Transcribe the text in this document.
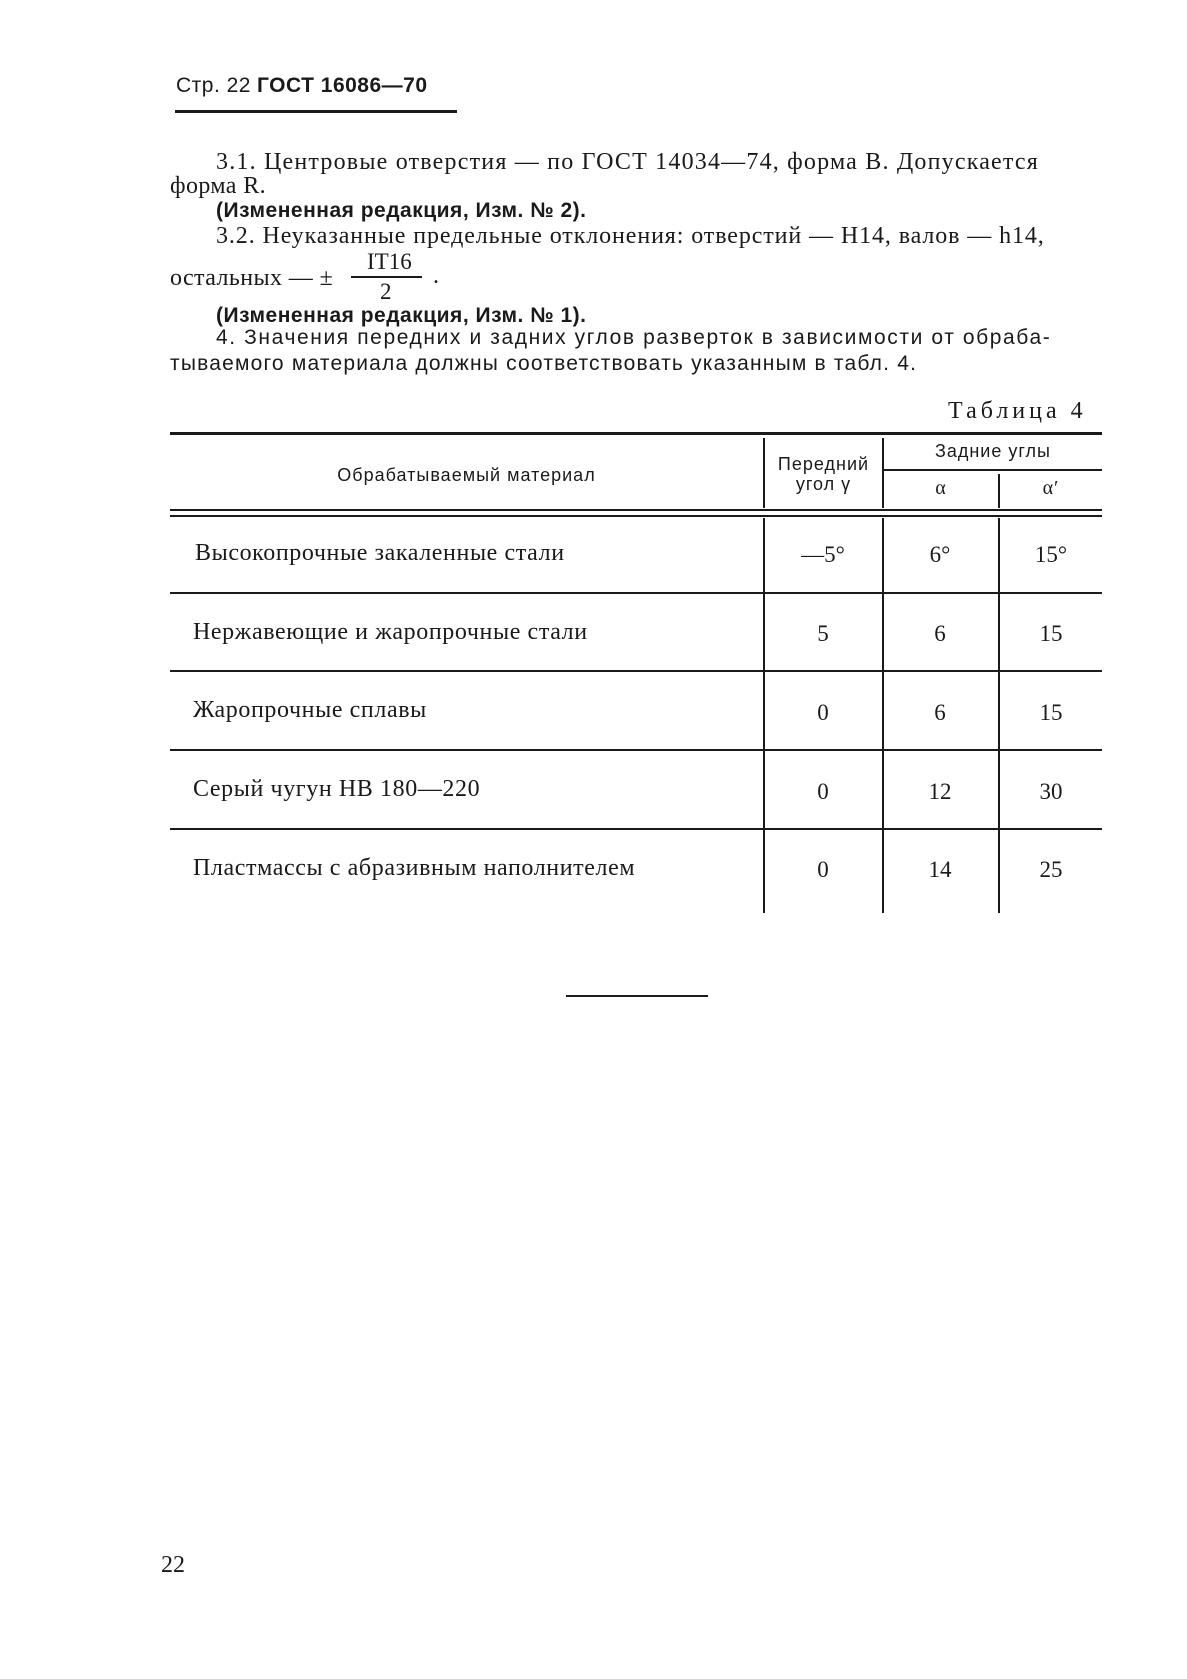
Стр. 22 ГОСТ 16086—70
3.1. Центровые отверстия — по ГОСТ 14034—74, форма В. Допускается
форма R.
(Измененная редакция, Изм. № 2).
3.2. Неуказанные предельные отклонения: отверстий — Н14, валов — h14,
остальных — ±
IT16
2
.
(Измененная редакция, Изм. № 1).
4. Значения передних и задних углов разверток в зависимости от обраба-
тываемого материала должны соответствовать указанным в табл. 4.
Таблица 4
Обрабатываемый материал
Передний
угол γ
Задние углы
α	α′
Высокопрочные закаленные стали	—5°	6°	15°
Нержавеющие и жаропрочные стали	5	6	15
Жаропрочные сплавы	0	6	15
Серый чугун НВ 180—220	0	12	30
Пластмассы с абразивным наполнителем	0	14	25
22
